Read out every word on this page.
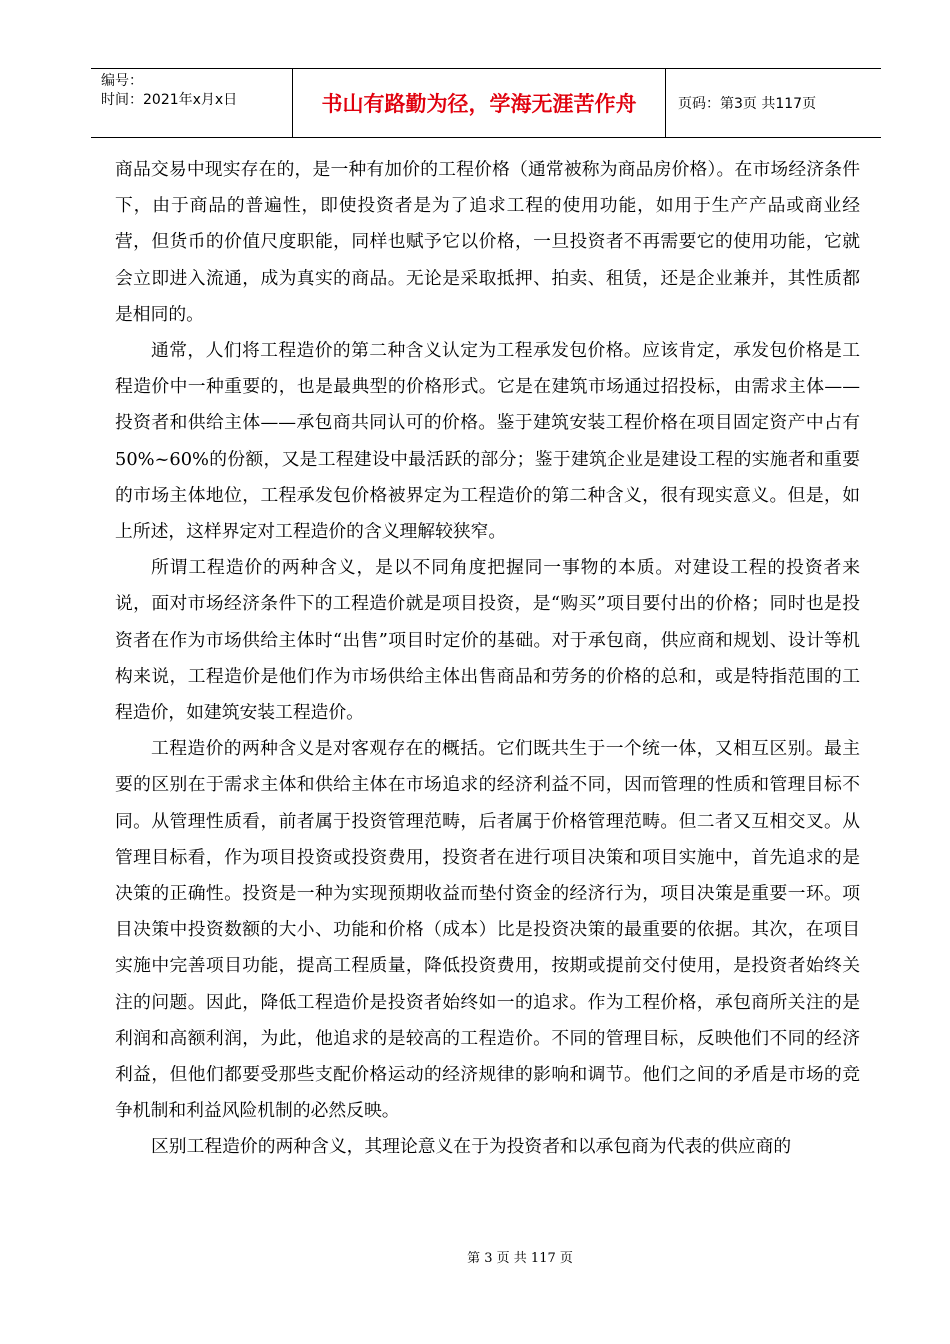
编号：
时间：2021年x月x日	书山有路勤为径，学海无涯苦作舟	页码：第3页 共117页

商品交易中现实存在的，是一种有加价的工程价格（通常被称为商品房价格）。在市场经济条件下，由于商品的普遍性，即使投资者是为了追求工程的使用功能，如用于生产产品或商业经营，但货币的价值尺度职能，同样也赋予它以价格，一旦投资者不再需要它的使用功能，它就会立即进入流通，成为真实的商品。无论是采取抵押、拍卖、租赁，还是企业兼并，其性质都是相同的。

通常，人们将工程造价的第二种含义认定为工程承发包价格。应该肯定，承发包价格是工程造价中一种重要的，也是最典型的价格形式。它是在建筑市场通过招投标，由需求主体——投资者和供给主体——承包商共同认可的价格。鉴于建筑安装工程价格在项目固定资产中占有50%~60%的份额，又是工程建设中最活跃的部分；鉴于建筑企业是建设工程的实施者和重要的市场主体地位，工程承发包价格被界定为工程造价的第二种含义，很有现实意义。但是，如上所述，这样界定对工程造价的含义理解较狭窄。

所谓工程造价的两种含义，是以不同角度把握同一事物的本质。对建设工程的投资者来说，面对市场经济条件下的工程造价就是项目投资，是“购买”项目要付出的价格；同时也是投资者在作为市场供给主体时“出售”项目时定价的基础。对于承包商，供应商和规划、设计等机构来说，工程造价是他们作为市场供给主体出售商品和劳务的价格的总和，或是特指范围的工程造价，如建筑安装工程造价。

工程造价的两种含义是对客观存在的概括。它们既共生于一个统一体，又相互区别。最主要的区别在于需求主体和供给主体在市场追求的经济利益不同，因而管理的性质和管理目标不同。从管理性质看，前者属于投资管理范畴，后者属于价格管理范畴。但二者又互相交叉。从管理目标看，作为项目投资或投资费用，投资者在进行项目决策和项目实施中，首先追求的是决策的正确性。投资是一种为实现预期收益而垫付资金的经济行为，项目决策是重要一环。项目决策中投资数额的大小、功能和价格（成本）比是投资决策的最重要的依据。其次，在项目实施中完善项目功能，提高工程质量，降低投资费用，按期或提前交付使用，是投资者始终关注的问题。因此，降低工程造价是投资者始终如一的追求。作为工程价格，承包商所关注的是利润和高额利润，为此，他追求的是较高的工程造价。不同的管理目标，反映他们不同的经济利益，但他们都要受那些支配价格运动的经济规律的影响和调节。他们之间的矛盾是市场的竞争机制和利益风险机制的必然反映。

区别工程造价的两种含义，其理论意义在于为投资者和以承包商为代表的供应商的

第 3 页 共 117 页
